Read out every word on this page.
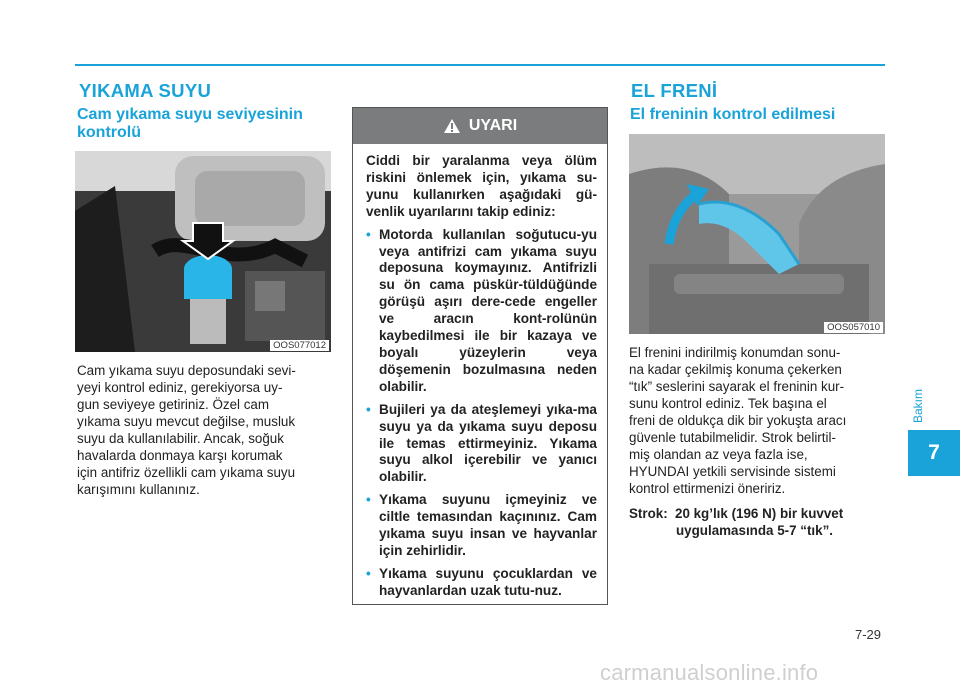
YIKAMA SUYU
Cam yıkama suyu seviyesinin
kontrolü
OOS077012
Cam yıkama suyu deposundaki sevi-
yeyi kontrol ediniz, gerekiyorsa uy-
gun seviyeye getiriniz. Özel cam
yıkama suyu mevcut değilse, musluk
suyu da kullanılabilir. Ancak, soğuk
havalarda donmaya karşı korumak
için antifriz özellikli cam yıkama suyu
karışımını kullanınız.
UYARI

Ciddi bir yaralanma veya ölüm riskini önlemek için, yıkama su-yunu kullanırken aşağıdaki gü-venlik uyarılarını takip ediniz:

• Motorda kullanılan soğutucu-yu veya antifrizi cam yıkama suyu deposuna koymayınız. Antifrizli su ön cama püskür-tüldüğünde görüşü aşırı dere-cede engeller ve aracın kont-rolünün kaybedilmesi ile bir kazaya ve boyalı yüzeylerin veya döşemenin bozulmasına neden olabilir.
• Bujileri ya da ateşlemeyi yıka-ma suyu ya da yıkama suyu deposu ile temas ettirmeyiniz. Yıkama suyu alkol içerebilir ve yanıcı olabilir.
• Yıkama suyunu içmeyiniz ve ciltle temasından kaçınınız. Cam yıkama suyu insan ve hayvanlar için zehirlidir.
• Yıkama suyunu çocuklardan ve hayvanlardan uzak tutu-nuz.
EL FRENİ
El freninin kontrol edilmesi
OOS057010
El frenini indirilmiş konumdan sonu-
na kadar çekilmiş konuma çekerken
“tık” seslerini sayarak el freninin kur-
sunu kontrol ediniz. Tek başına el
freni de oldukça dik bir yokuşta aracı
güvenle tutabilmelidir. Strok belirtil-
miş olandan az veya fazla ise,
HYUNDAI yetkili servisinde sistemi
kontrol ettirmenizi öneririz.
Strok: 20 kg’lık (196 N) bir kuvvet
uygulamasında 5-7 “tık”.
Bakım
7
7-29
carmanualsonline.info
